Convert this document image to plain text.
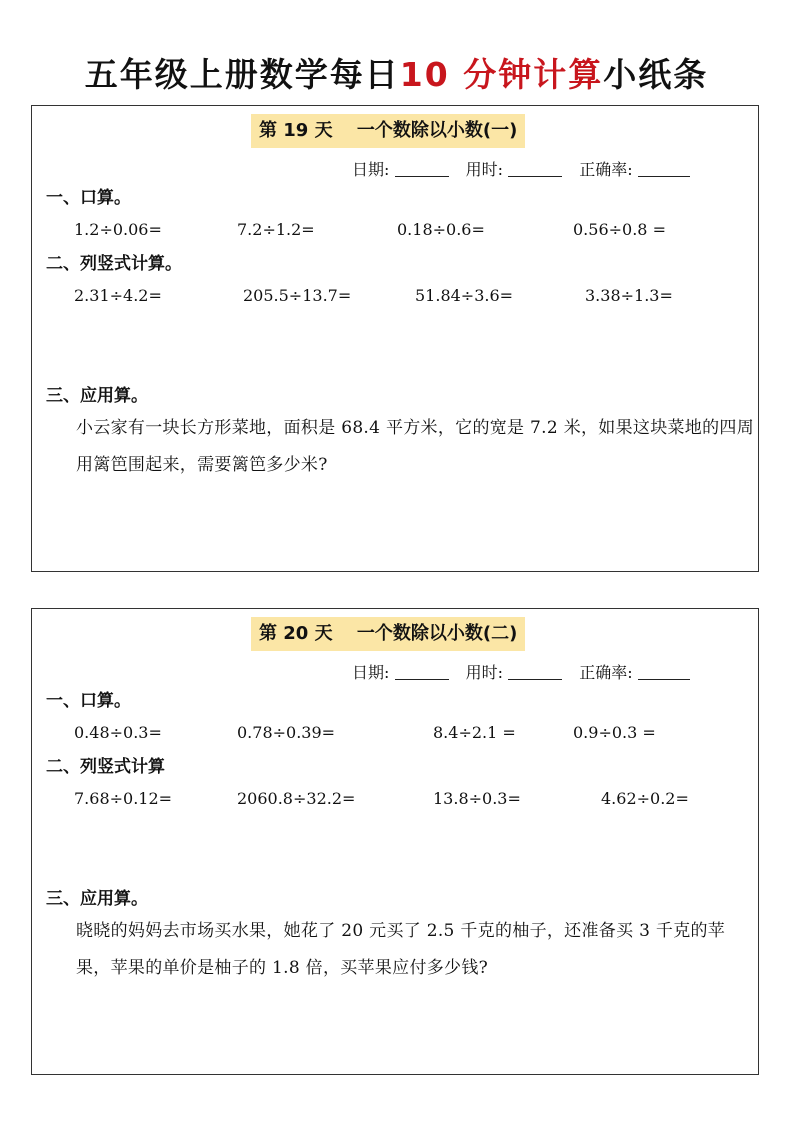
五年级上册数学每日10 分钟计算小纸条
第 19 天　 一个数除以小数(一)
日期:	用时:	正确率:
一、口算。
1.2÷0.06=	7.2÷1.2=	0.18÷0.6=	0.56÷0.8 =
二、列竖式计算。
2.31÷4.2=	205.5÷13.7=	51.84÷3.6=	3.38÷1.3=
三、应用算。
小云家有一块长方形菜地，面积是 68.4 平方米，它的宽是 7.2 米，如果这块菜地的四周用篱笆围起来，需要篱笆多少米?
第 20 天　 一个数除以小数(二)
日期:	用时:	正确率:
一、口算。
0.48÷0.3=	0.78÷0.39=	8.4÷2.1 =	0.9÷0.3 =
二、列竖式计算
7.68÷0.12=	2060.8÷32.2=	13.8÷0.3=	4.62÷0.2=
三、应用算。
晓晓的妈妈去市场买水果，她花了 20 元买了 2.5 千克的柚子，还准备买 3 千克的苹果，苹果的单价是柚子的 1.8 倍，买苹果应付多少钱?
